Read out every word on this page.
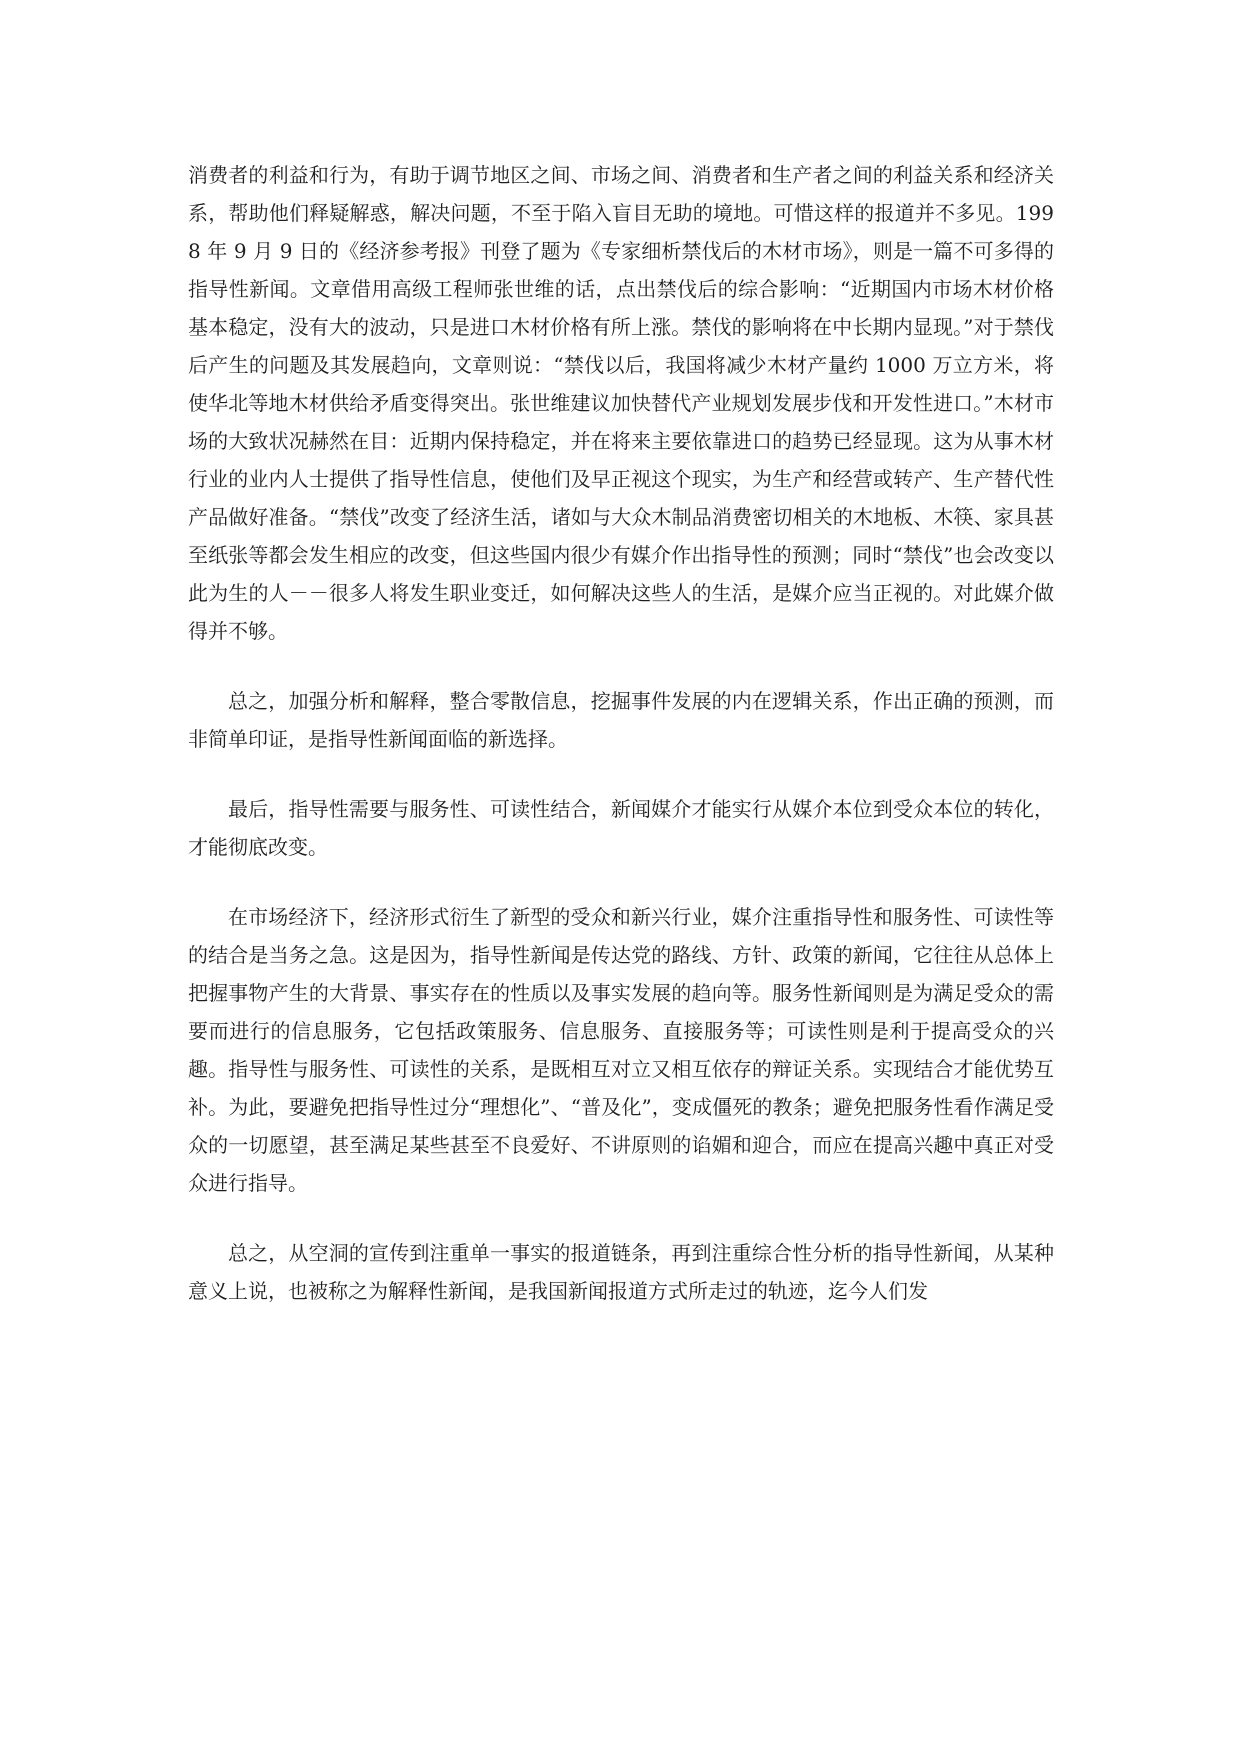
消费者的利益和行为，有助于调节地区之间、市场之间、消费者和生产者之间的利益关系和经济关系，帮助他们释疑解惑，解决问题，不至于陷入盲目无助的境地。可惜这样的报道并不多见。1998 年 9 月 9 日的《经济参考报》刊登了题为《专家细析禁伐后的木材市场》，则是一篇不可多得的指导性新闻。文章借用高级工程师张世维的话，点出禁伐后的综合影响：“近期国内市场木材价格基本稳定，没有大的波动，只是进口木材价格有所上涨。禁伐的影响将在中长期内显现。”对于禁伐后产生的问题及其发展趋向，文章则说：“禁伐以后，我国将减少木材产量约 1000 万立方米，将使华北等地木材供给矛盾变得突出。张世维建议加快替代产业规划发展步伐和开发性进口。”木材市场的大致状况赫然在目：近期内保持稳定，并在将来主要依靠进口的趋势已经显现。这为从事木材行业的业内人士提供了指导性信息，使他们及早正视这个现实，为生产和经营或转产、生产替代性产品做好准备。“禁伐”改变了经济生活，诸如与大众木制品消费密切相关的木地板、木筷、家具甚至纸张等都会发生相应的改变，但这些国内很少有媒介作出指导性的预测；同时“禁伐”也会改变以此为生的人－－很多人将发生职业变迁，如何解决这些人的生活，是媒介应当正视的。对此媒介做得并不够。

总之，加强分析和解释，整合零散信息，挖掘事件发展的内在逻辑关系，作出正确的预测，而非简单印证，是指导性新闻面临的新选择。

最后，指导性需要与服务性、可读性结合，新闻媒介才能实行从媒介本位到受众本位的转化，才能彻底改变。

在市场经济下，经济形式衍生了新型的受众和新兴行业，媒介注重指导性和服务性、可读性等的结合是当务之急。这是因为，指导性新闻是传达党的路线、方针、政策的新闻，它往往从总体上把握事物产生的大背景、事实存在的性质以及事实发展的趋向等。服务性新闻则是为满足受众的需要而进行的信息服务，它包括政策服务、信息服务、直接服务等；可读性则是利于提高受众的兴趣。指导性与服务性、可读性的关系，是既相互对立又相互依存的辩证关系。实现结合才能优势互补。为此，要避免把指导性过分“理想化”、“普及化”，变成僵死的教条；避免把服务性看作满足受众的一切愿望，甚至满足某些甚至不良爱好、不讲原则的谄媚和迎合，而应在提高兴趣中真正对受众进行指导。

总之，从空洞的宣传到注重单一事实的报道链条，再到注重综合性分析的指导性新闻，从某种意义上说，也被称之为解释性新闻，是我国新闻报道方式所走过的轨迹，迄今人们发
